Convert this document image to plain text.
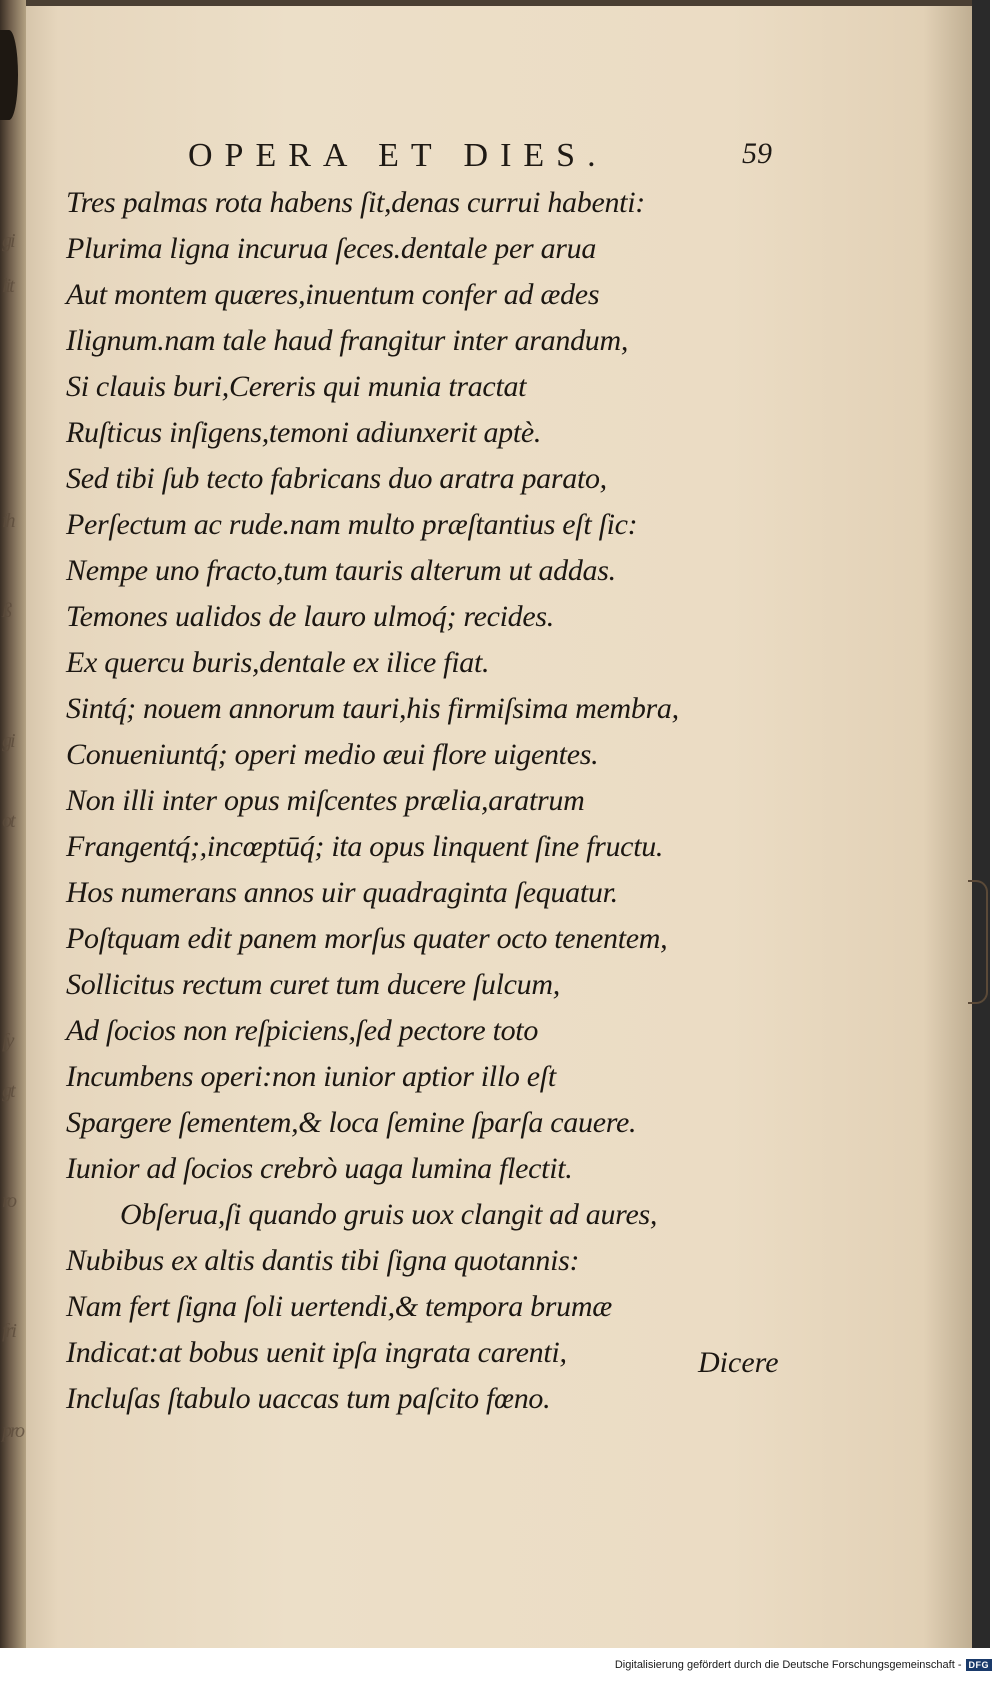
gi
lit
ih
ß
gi
ot
ſy
gt
ro
fri
pro
OPERA ET DIES.	59
Tres palmas rota habens ſit,denas currui habenti:
Plurima ligna incurua ſeces.dentale per arua
Aut montem quæres,inuentum confer ad ædes
Ilignum.nam tale haud frangitur inter arandum,
Si clauis buri,Cereris qui munia tractat
Ruſticus inſigens,temoni adiunxerit aptè.
Sed tibi ſub tecto fabricans duo aratra parato,
Perſectum ac rude.nam multo præſtantius eſt ſic:
Nempe uno fracto,tum tauris alterum ut addas.
Temones ualidos de lauro ulmoq́; recides.
Ex quercu buris,dentale ex ilice fiat.
Sintq́; nouem annorum tauri,his firmiſsima membra,
Conueniuntq́; operi medio æui flore uigentes.
Non illi inter opus miſcentes prælia,aratrum
Frangentq́;,incœptūq́; ita opus linquent ſine fructu.
Hos numerans annos uir quadraginta ſequatur.
Poſtquam edit panem morſus quater octo tenentem,
Sollicitus rectum curet tum ducere ſulcum,
Ad ſocios non reſpiciens,ſed pectore toto
Incumbens operi:non iunior aptior illo eſt
Spargere ſementem,& loca ſemine ſparſa cauere.
Iunior ad ſocios crebrò uaga lumina flectit.
Obſerua,ſi quando gruis uox clangit ad aures,
Nubibus ex altis dantis tibi ſigna quotannis:
Nam fert ſigna ſoli uertendi,& tempora brumæ
Indicat:at bobus uenit ipſa ingrata carenti,
Incluſas ſtabulo uaccas tum paſcito fœno.
Dicere
Digitalisierung gefördert durch die Deutsche Forschungsgemeinschaft - DFG
